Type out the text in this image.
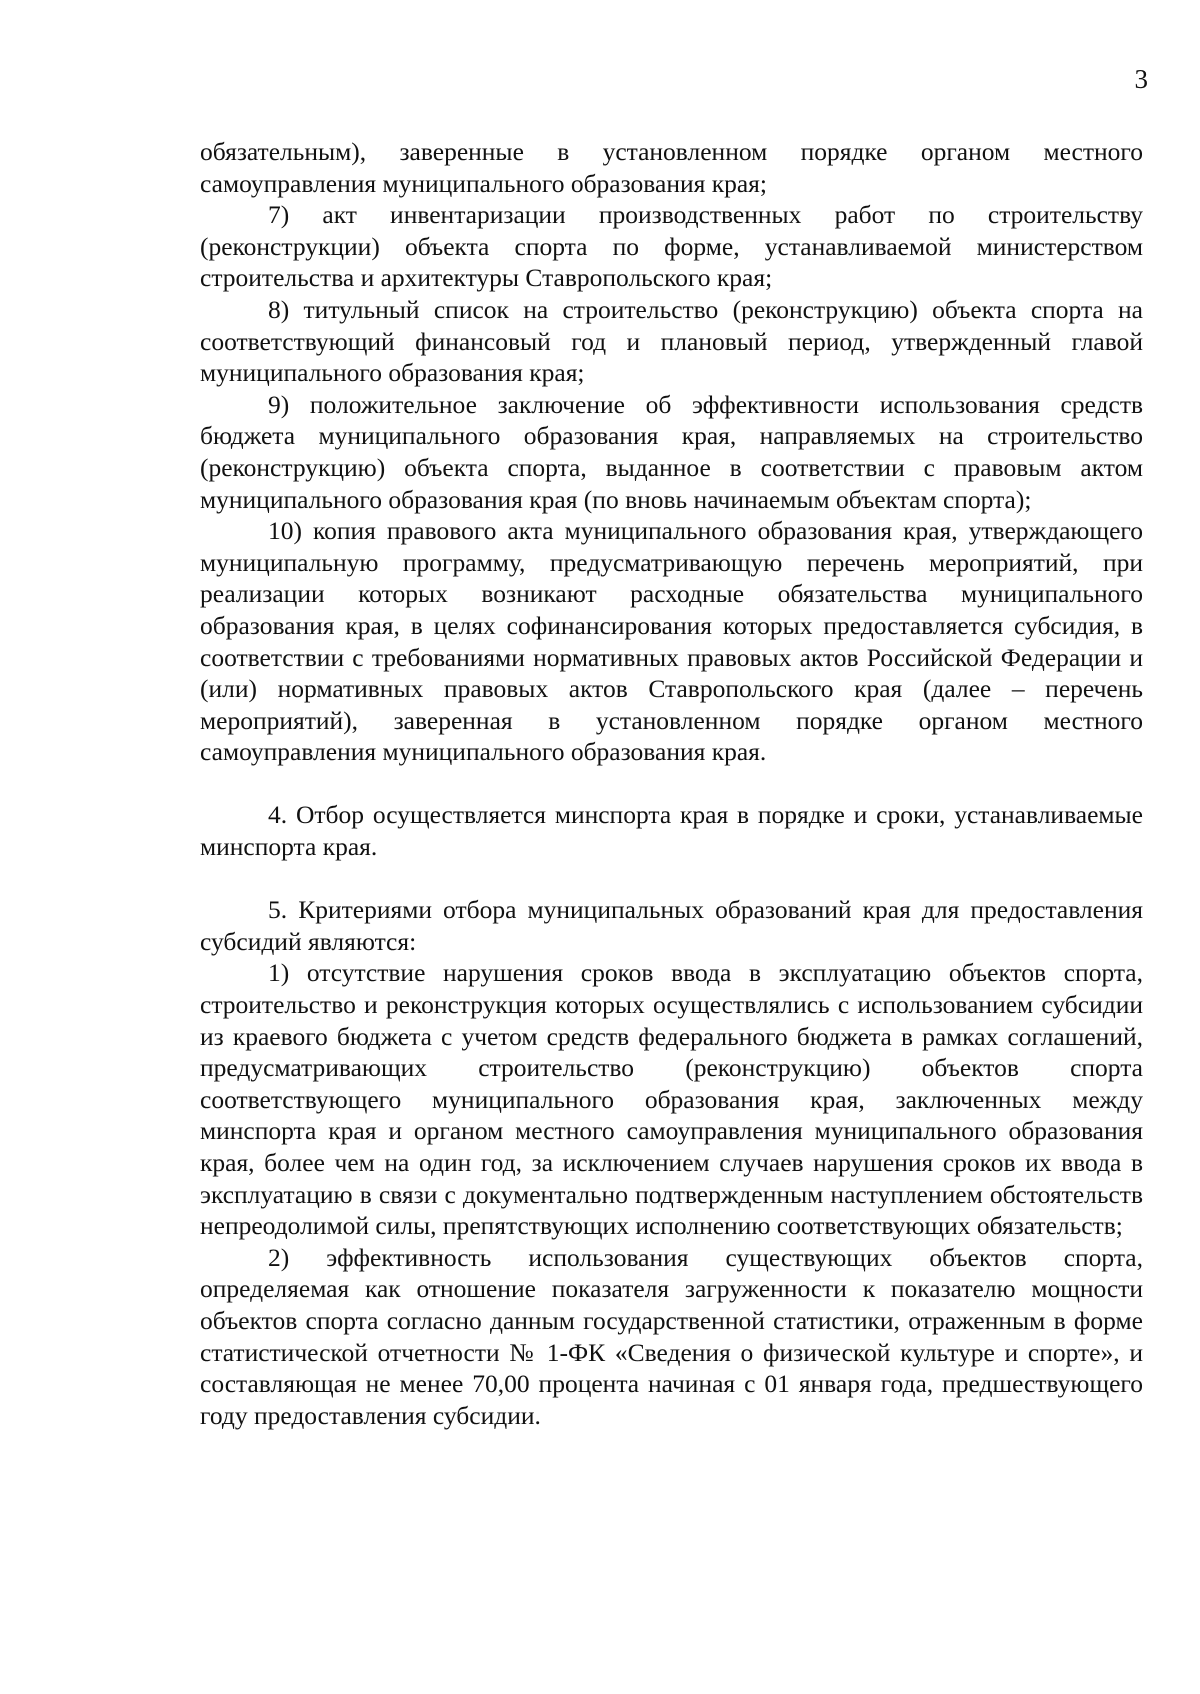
3

обязательным), заверенные в установленном порядке органом местного самоуправления муниципального образования края;

7) акт инвентаризации производственных работ по строительству (реконструкции) объекта спорта по форме, устанавливаемой министерством строительства и архитектуры Ставропольского края;

8) титульный список на строительство (реконструкцию) объекта спорта на соответствующий финансовый год и плановый период, утвержденный главой муниципального образования края;

9) положительное заключение об эффективности использования средств бюджета муниципального образования края, направляемых на строительство (реконструкцию) объекта спорта, выданное в соответствии с правовым актом муниципального образования края (по вновь начинаемым объектам спорта);

10) копия правового акта муниципального образования края, утверждающего муниципальную программу, предусматривающую перечень мероприятий, при реализации которых возникают расходные обязательства муниципального образования края, в целях софинансирования которых предоставляется субсидия, в соответствии с требованиями нормативных правовых актов Российской Федерации и (или) нормативных правовых актов Ставропольского края (далее – перечень мероприятий), заверенная в установленном порядке органом местного самоуправления муниципального образования края.

4. Отбор осуществляется минспорта края в порядке и сроки, устанавливаемые минспорта края.

5. Критериями отбора муниципальных образований края для предоставления субсидий являются:

1) отсутствие нарушения сроков ввода в эксплуатацию объектов спорта, строительство и реконструкция которых осуществлялись с использованием субсидии из краевого бюджета с учетом средств федерального бюджета в рамках соглашений, предусматривающих строительство (реконструкцию) объектов спорта соответствующего муниципального образования края, заключенных между минспорта края и органом местного самоуправления муниципального образования края, более чем на один год, за исключением случаев нарушения сроков их ввода в эксплуатацию в связи с документально подтвержденным наступлением обстоятельств непреодолимой силы, препятствующих исполнению соответствующих обязательств;

2) эффективность использования существующих объектов спорта, определяемая как отношение показателя загруженности к показателю мощности объектов спорта согласно данным государственной статистики, отраженным в форме статистической отчетности № 1-ФК «Сведения о физической культуре и спорте», и составляющая не менее 70,00 процента начиная с 01 января года, предшествующего году предоставления субсидии.
